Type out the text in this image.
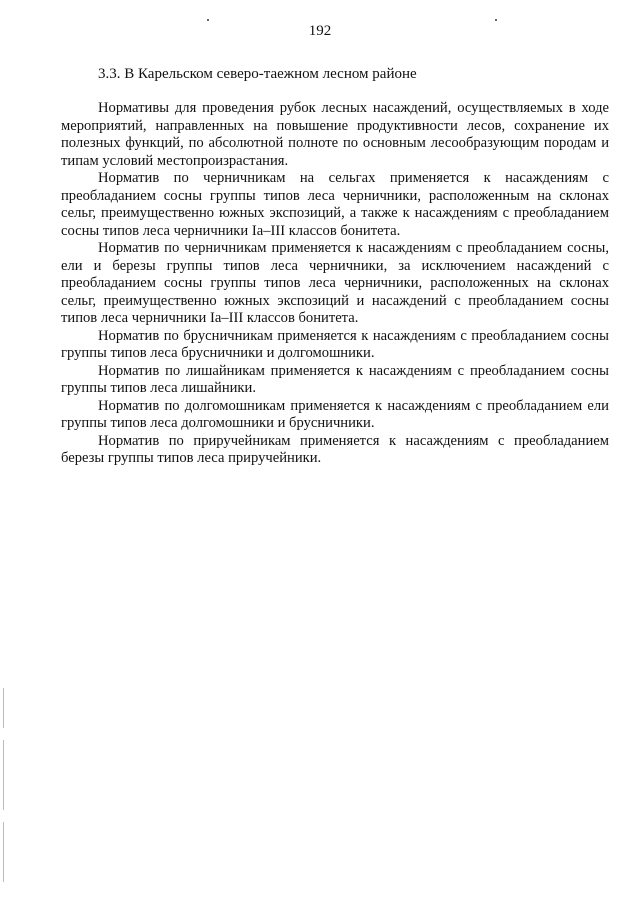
192
3.3. В Карельском северо-таежном лесном районе

Нормативы для проведения рубок лесных насаждений, осуществляемых в ходе мероприятий, направленных на повышение продуктивности лесов, сохранение их полезных функций, по абсолютной полноте по основным лесообразующим породам и типам условий местопроизрастания.

Норматив по черничникам на сельгах применяется к насаждениям с преобладанием сосны группы типов леса черничники, расположенным на склонах сельг, преимущественно южных экспозиций, а также к насаждениям с преобладанием сосны типов леса черничники Iа–III классов бонитета.

Норматив по черничникам применяется к насаждениям с преобладанием сосны, ели и березы группы типов леса черничники, за исключением насаждений с преобладанием сосны группы типов леса черничники, расположенных на склонах сельг, преимущественно южных экспозиций и насаждений с преобладанием сосны типов леса черничники Iа–III классов бонитета.

Норматив по брусничникам применяется к насаждениям с преобладанием сосны группы типов леса брусничники и долгомошники.

Норматив по лишайникам применяется к насаждениям с преобладанием сосны группы типов леса лишайники.

Норматив по долгомошникам применяется к насаждениям с преобладанием ели группы типов леса долгомошники и брусничники.

Норматив по приручейникам применяется к насаждениям с преобладанием березы группы типов леса приручейники.
